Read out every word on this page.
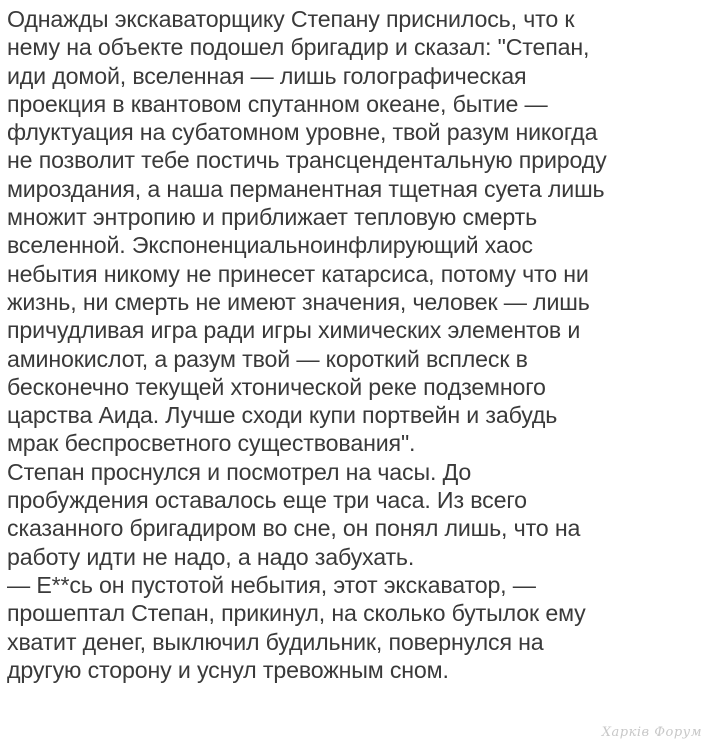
Однажды экскаваторщику Степану приснилось, что к
нему на объекте подошел бригадир и сказал: "Степан,
иди домой, вселенная — лишь голографическая
проекция в квантовом спутанном океане, бытие —
флуктуация на субатомном уровне, твой разум никогда
не позволит тебе постичь трансцендентальную природу
мироздания, а наша перманентная тщетная суета лишь
множит энтропию и приближает тепловую смерть
вселенной. Экспоненциальноинфлирующий хаос
небытия никому не принесет катарсиса, потому что ни
жизнь, ни смерть не имеют значения, человек — лишь
причудливая игра ради игры химических элементов и
аминокислот, а разум твой — короткий всплеск в
бесконечно текущей хтонической реке подземного
царства Аида. Лучше сходи купи портвейн и забудь
мрак беспросветного существования".
Степан проснулся и посмотрел на часы. До
пробуждения оставалось еще три часа. Из всего
сказанного бригадиром во сне, он понял лишь, что на
работу идти не надо, а надо забухать.
— Е**сь он пустотой небытия, этот экскаватор, —
прошептал Степан, прикинул, на сколько бутылок ему
хватит денег, выключил будильник, повернулся на
другую сторону и уснул тревожным сном.
Харків Форум
